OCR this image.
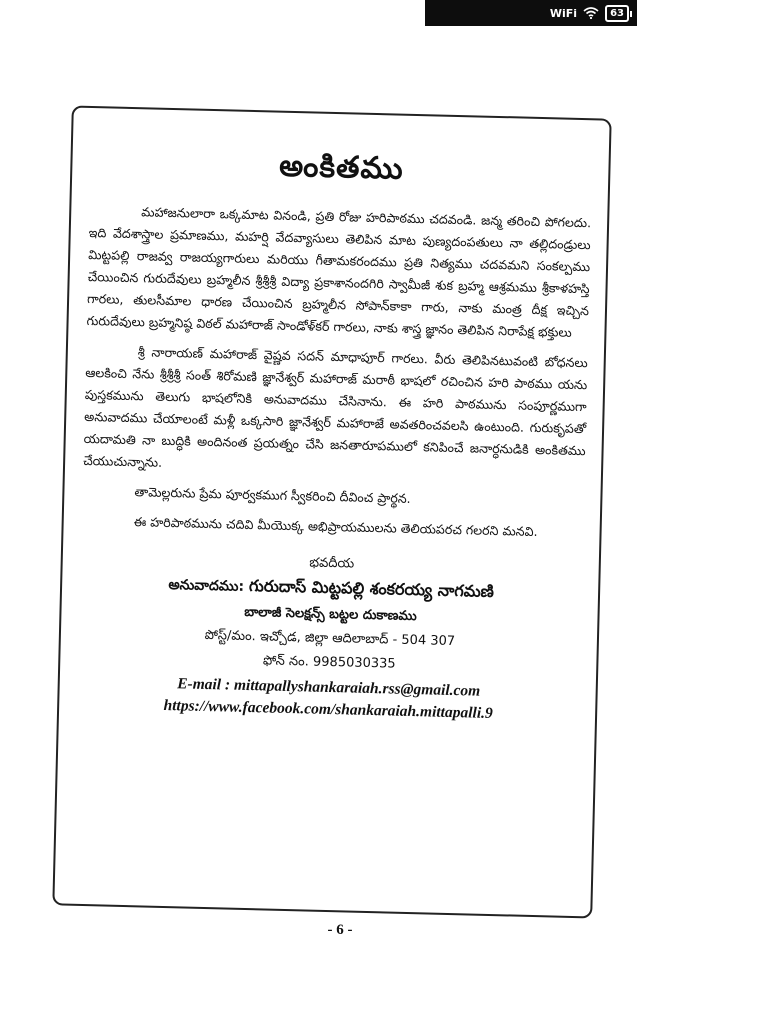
WiFi	63
అంకితము

మహాజనులారా ఒక్కమాట వినండి, ప్రతి రోజు హరిపాఠము చదవండి. జన్మ తరించి పోగలదు. ఇది వేదశాస్త్రాల ప్రమాణము, మహర్షి వేదవ్యాసులు తెలిపిన మాట పుణ్యదంపతులు నా తల్లిదండ్రులు మిట్టపల్లి రాజవ్వ రాజయ్యగారులు మరియు గీతామకరందము ప్రతి నిత్యము చదవమని సంకల్పము చేయించిన గురుదేవులు బ్రహ్మలీన శ్రీశ్రీశ్రీ విద్యా ప్రకాశానందగిరి స్వామీజీ శుక బ్రహ్మ ఆశ్రమము శ్రీకాళహస్తి గారలు, తులసీమాల ధారణ చేయించిన బ్రహ్మలీన సోపాన్‌కాకా గారు, నాకు మంత్ర దీక్ష ఇచ్చిన గురుదేవులు బ్రహ్మనిష్ఠ విఠల్ మహారాజ్ సాండోళ్‌కర్ గారలు, నాకు శాస్త్ర జ్ఞానం తెలిపిన నిరాపేక్ష భక్తులు

శ్రీ నారాయణ్ మహారాజ్ వైష్ణవ సదన్ మాధాపూర్ గారలు. వీరు తెలిపినటువంటి బోధనలు ఆలకించి నేను శ్రీశ్రీశ్రీ సంత్ శిరోమణి జ్ఞానేశ్వర్ మహారాజ్ మరాఠీ భాషలో రచించిన హరి పాఠము యను పుస్తకమును తెలుగు భాషలోనికి అనువాదము చేసినాను. ఈ హరి పాఠమును సంపూర్ణముగా అనువాదము చేయాలంటే మళ్లీ ఒక్కసారి జ్ఞానేశ్వర్ మహారాజే అవతరించవలసి ఉంటుంది. గురుకృపతో యదామతి నా బుద్ధికి అందినంత ప్రయత్నం చేసి జనతారూపములో కనిపించే జనార్ధనుడికి అంకితము చేయుచున్నాను.

తామెల్లరును ప్రేమ పూర్వకముగ స్వీకరించి దీవించ ప్రార్థన.

ఈ హరిపాఠమును చదివి మీయొక్క అభిప్రాయములను తెలియపరచ గలరని మనవి.

భవదీయ
అనువాదము: గురుదాస్ మిట్టపల్లి శంకరయ్య నాగమణి
బాలాజీ సెలక్షన్స్ బట్టల దుకాణము
పోస్ట్/మం. ఇచ్చోడ, జిల్లా ఆదిలాబాద్ - 504 307
ఫోన్ నం. 9985030335
E-mail : mittapallyshankaraiah.rss@gmail.com
https://www.facebook.com/shankaraiah.mittapalli.9
- 6 -
